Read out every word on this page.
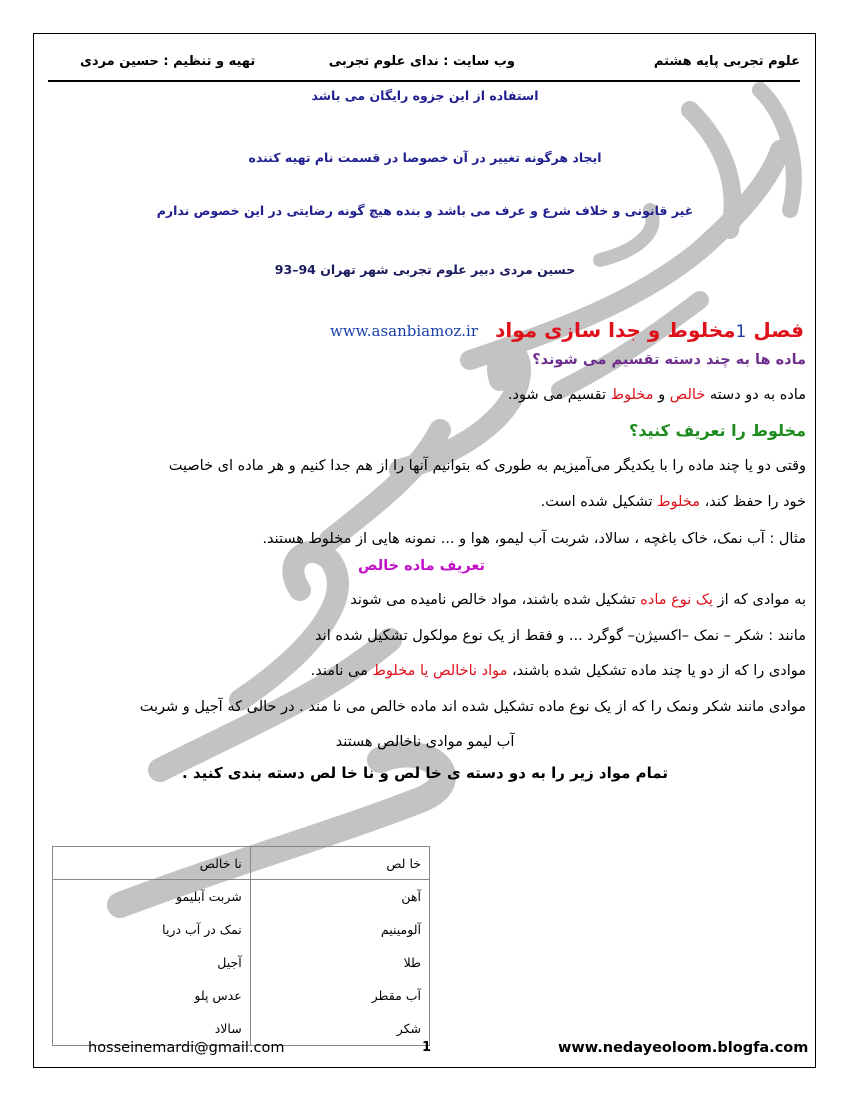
علوم تجربی پایه هشتم
وب سایت : ندای علوم تجربی
تهیه و تنظیم : حسین مردی
استفاده از این جزوه رایگان می باشد
ایجاد هرگونه تغییر در آن خصوصا در قسمت نام تهیه کننده
غیر قانونی و خلاف شرع و عرف می باشد و بنده هیچ گونه رضایتی در این خصوص ندارم
حسین مردی دبیر علوم تجربی شهر تهران 94–93
فصل 1مخلوط و جدا سازی مواد
www.asanbiamoz.ir
ماده ها به چند دسته تقسیم می شوند؟
ماده به دو دسته خالص و مخلوط تقسیم می شود.
مخلوط را تعریف کنید؟
وقتی دو یا چند ماده را با یکدیگر می‌آمیزیم به طوری که بتوانیم آنها را از هم جدا کنیم و هر ماده ای خاصیت
خود را حفظ کند، مخلوط تشکیل شده است.
مثال : آب نمک، خاک باغچه ، سالاد، شربت آب لیمو، هوا و ... نمونه هایی از مخلوط هستند.
تعریف ماده خالص
به موادی که از یک نوع ماده تشکیل شده باشند، مواد خالص نامیده می شوند
مانند : شکر – نمک –اکسیژن– گوگرد ... و فقط از یک نوع مولکول تشکیل شده اند
موادی را که از دو یا چند ماده تشکیل شده باشند، مواد ناخالص یا مخلوط می نامند.
موادی مانند شکر ونمک را که از یک نوع ماده تشکیل شده اند ماده خالص می نا مند . در حالی که آجیل و شربت
آب لیمو موادی ناخالص هستند
تمام مواد زیر را به دو دسته ی خا لص و نا خا لص دسته بندی کنید .
خا لص	نا خالص
آهن	شربت آبلیمو
آلومینیم	نمک در آب دریا
طلا	آجیل
آب مقطر	عدس پلو
شکر	سالاد
hosseinemardi@gmail.com	1	www.nedayeoloom.blogfa.com
